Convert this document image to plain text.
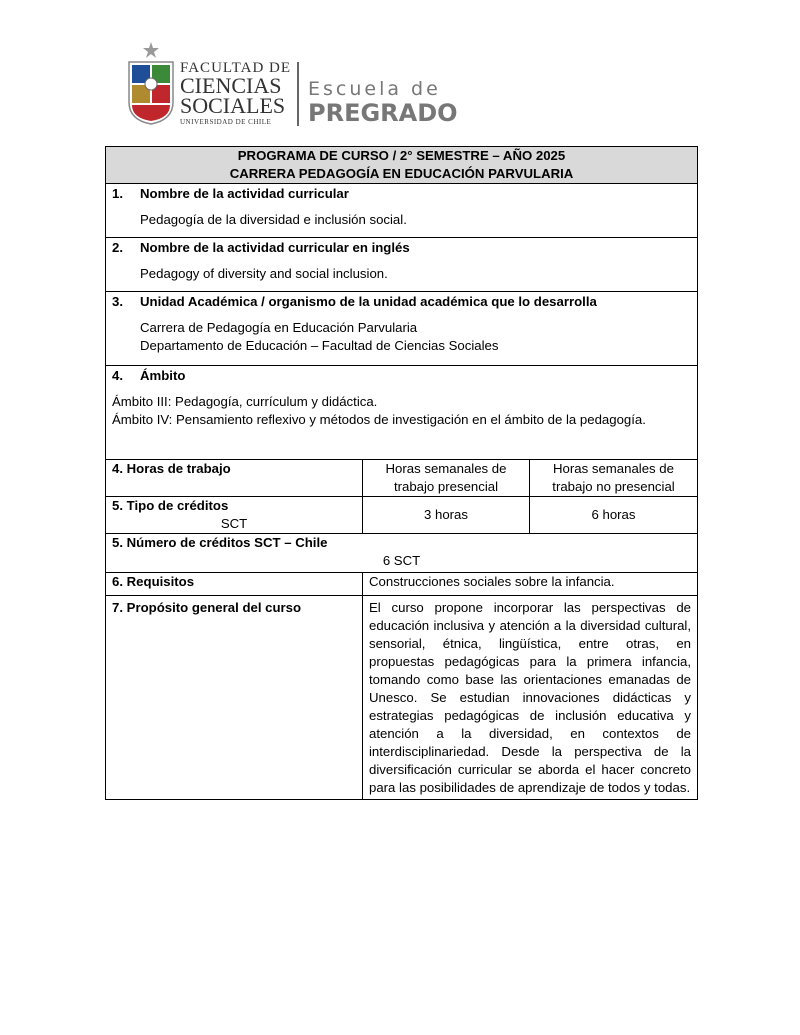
FACULTAD DE
CIENCIAS
SOCIALES
UNIVERSIDAD DE CHILE
Escuela de
PREGRADO
PROGRAMA DE CURSO / 2° SEMESTRE – AÑO 2025
CARRERA PEDAGOGÍA EN EDUCACIÓN PARVULARIA		

1. Nombre de la actividad curricular
Pedagogía de la diversidad e inclusión social.		

2. Nombre de la actividad curricular en inglés
Pedagogy of diversity and social inclusion.		

3. Unidad Académica / organismo de la unidad académica que lo desarrolla
Carrera de Pedagogía en Educación Parvularia
Departamento de Educación – Facultad de Ciencias Sociales		

4. Ámbito
Ámbito III: Pedagogía, currículum y didáctica.
Ámbito IV: Pensamiento reflexivo y métodos de investigación en el ámbito de la pedagogía.		

4. Horas de trabajo	Horas semanales de trabajo presencial	Horas semanales de trabajo no presencial

5. Tipo de créditos
SCT	3 horas	6 horas

5. Número de créditos SCT – Chile
6 SCT		

6. Requisitos	Construcciones sociales sobre la infancia.	
7. Propósito general del curso	El curso propone incorporar las perspectivas de educación inclusiva y atención a la diversidad cultural, sensorial, étnica, lingüística, entre otras, en propuestas pedagógicas para la primera infancia, tomando como base las orientaciones emanadas de Unesco. Se estudian innovaciones didácticas y estrategias pedagógicas de inclusión educativa y atención a la diversidad, en contextos de interdisciplinariedad. Desde la perspectiva de la diversificación curricular se aborda el hacer concreto para las posibilidades de aprendizaje de todos y todas.	
